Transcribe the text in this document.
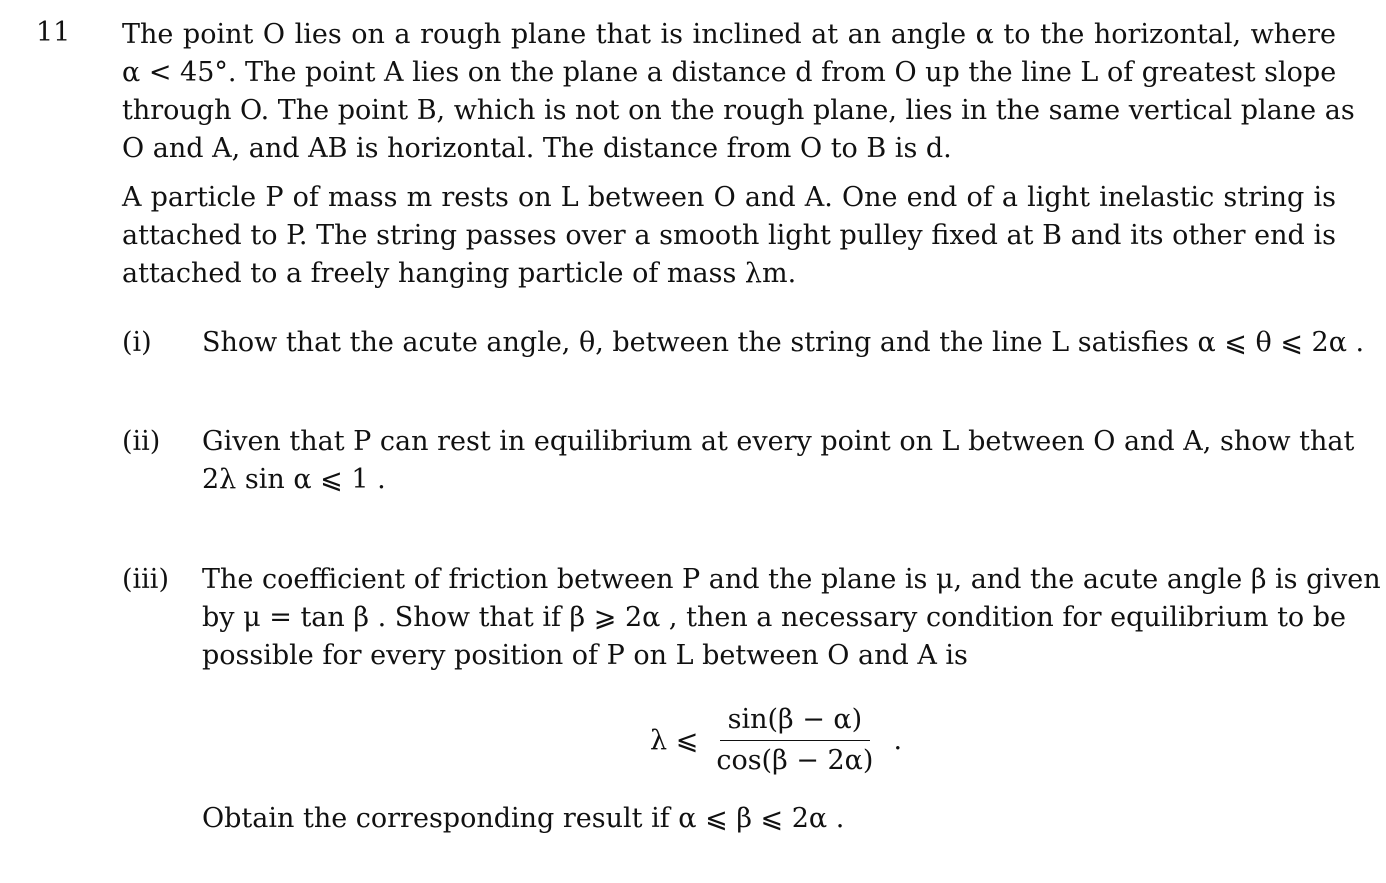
11 The point O lies on a rough plane that is inclined at an angle α to the horizontal, where
α < 45°. The point A lies on the plane a distance d from O up the line L of greatest slope
through O. The point B, which is not on the rough plane, lies in the same vertical plane as
O and A, and AB is horizontal. The distance from O to B is d.
A particle P of mass m rests on L between O and A. One end of a light inelastic string is
attached to P. The string passes over a smooth light pulley fixed at B and its other end is
attached to a freely hanging particle of mass λm.
(i) Show that the acute angle, θ, between the string and the line L satisfies α ⩽ θ ⩽ 2α .
(ii) Given that P can rest in equilibrium at every point on L between O and A, show that
2λ sin α ⩽ 1 .
(iii) The coefficient of friction between P and the plane is μ, and the acute angle β is given
by μ = tan β . Show that if β ⩾ 2α , then a necessary condition for equilibrium to be
possible for every position of P on L between O and A is
λ ⩽ $\frac{\sin(\beta - \alpha)}{\cos(\beta - 2\alpha)}$ .
Obtain the corresponding result if α ⩽ β ⩽ 2α .
